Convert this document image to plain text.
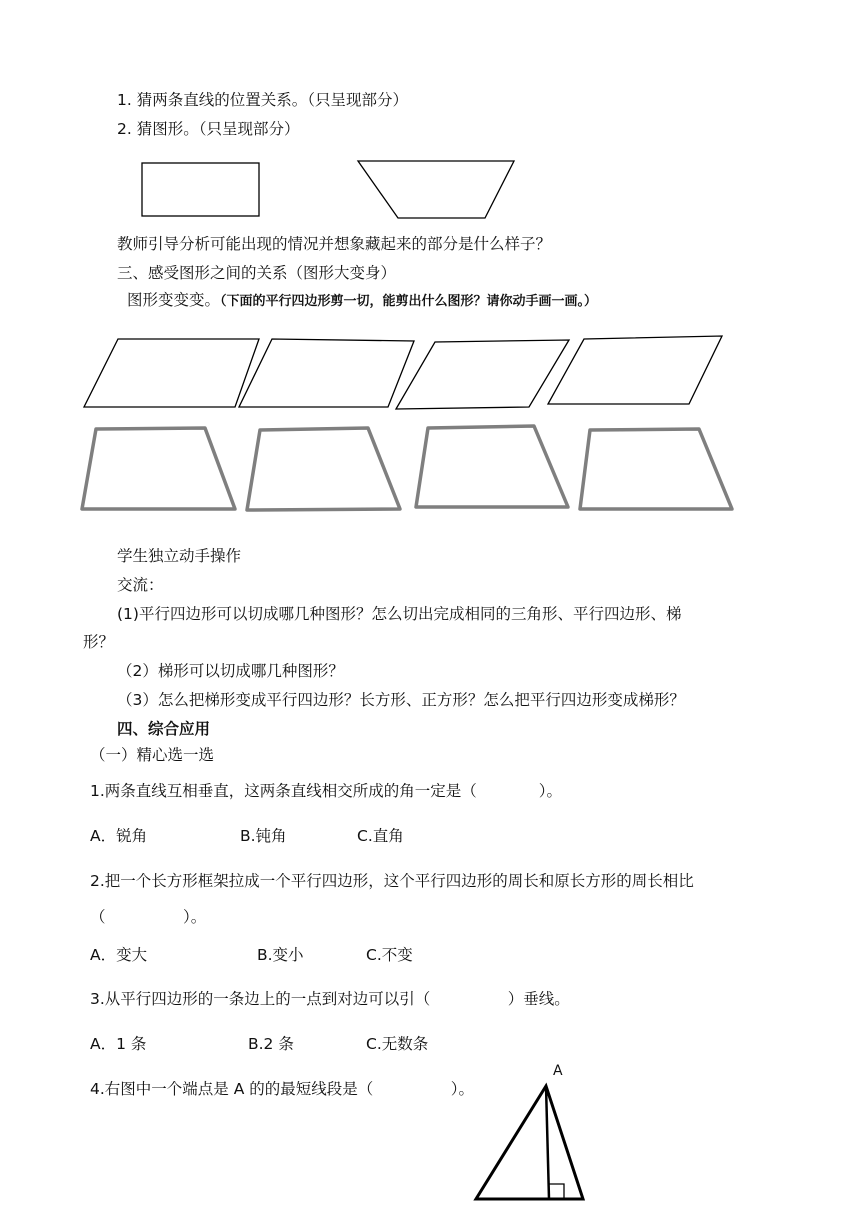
1. 猜两条直线的位置关系。（只呈现部分）
2. 猜图形。（只呈现部分）
教师引导分析可能出现的情况并想象藏起来的部分是什么样子？
三、感受图形之间的关系（图形大变身）
图形变变变。（下面的平行四边形剪一切，能剪出什么图形？请你动手画一画。）
学生独立动手操作
交流：
(1)平行四边形可以切成哪几种图形？怎么切出完成相同的三角形、平行四边形、梯
形？
（2）梯形可以切成哪几种图形？
（3）怎么把梯形变成平行四边形？长方形、正方形？怎么把平行四边形变成梯形？
四、综合应用
（一）精心选一选
1.两条直线互相垂直，这两条直线相交所成的角一定是（　　　　）。
A．锐角	B.钝角	C.直角
2.把一个长方形框架拉成一个平行四边形，这个平行四边形的周长和原长方形的周长相比
（　　　　　）。
A．变大	B.变小	C.不变
3.从平行四边形的一条边上的一点到对边可以引（　　　　　）垂线。
A．1 条	B.2 条	C.无数条
4.右图中一个端点是 A 的的最短线段是（　　　　　）。
A
